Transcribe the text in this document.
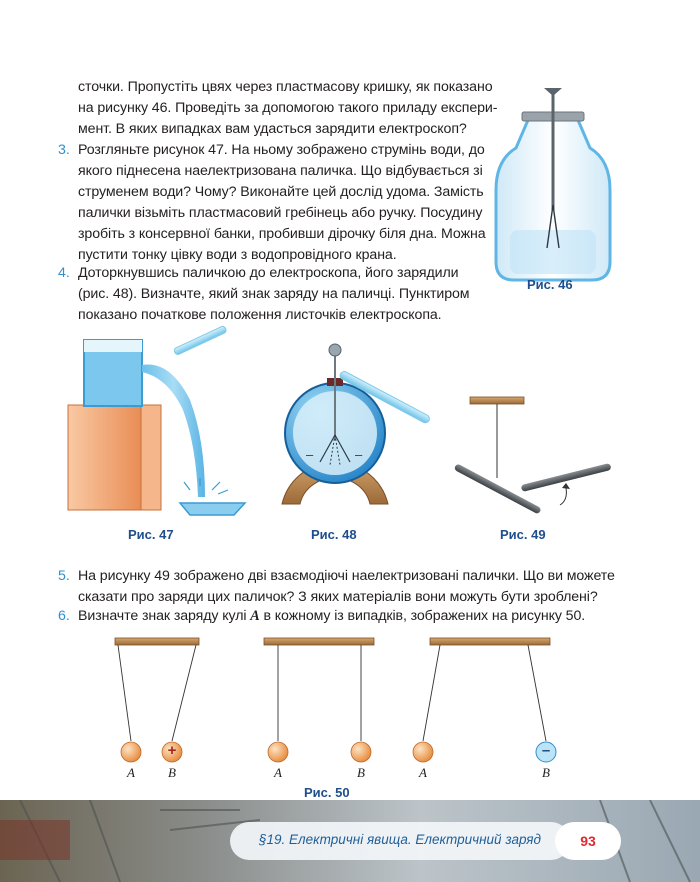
сточки. Пропустіть цвях через пластмасову кришку, як показано
на рисунку 46. Проведіть за допомогою такого приладу експери-
мент. В яких випадках вам удасться зарядити електроскоп?
3. Розгляньте рисунок 47. На ньому зображено струмінь води, до
якого піднесена наелектризована паличка. Що відбувається зі
струменем води? Чому? Виконайте цей дослід удома. Замість
палички візьміть пластмасовий гребінець або ручку. Посудину
зробіть з консервної банки, пробивши дірочку біля дна. Можна
пустити тонку цівку води з водопровідного крана.
4. Доторкнувшись паличкою до електроскопа, його зарядили
(рис. 48). Визначте, який знак заряду на паличці. Пунктиром
показано початкове положення листочків електроскопа.
–	–
+	–
Рис. 46
Рис. 47	Рис. 48	Рис. 49
Рис. 50
A	B	A	B	A	B
5. На рисунку 49 зображено дві взаємодіючі наелектризовані палички. Що ви можете
сказати про заряди цих паличок? З яких матеріалів вони можуть бути зроблені?
6. Визначте знак заряду кулі A в кожному із випадків, зображених на рисунку 50.
§19. Електричні явища. Електричний заряд	93
